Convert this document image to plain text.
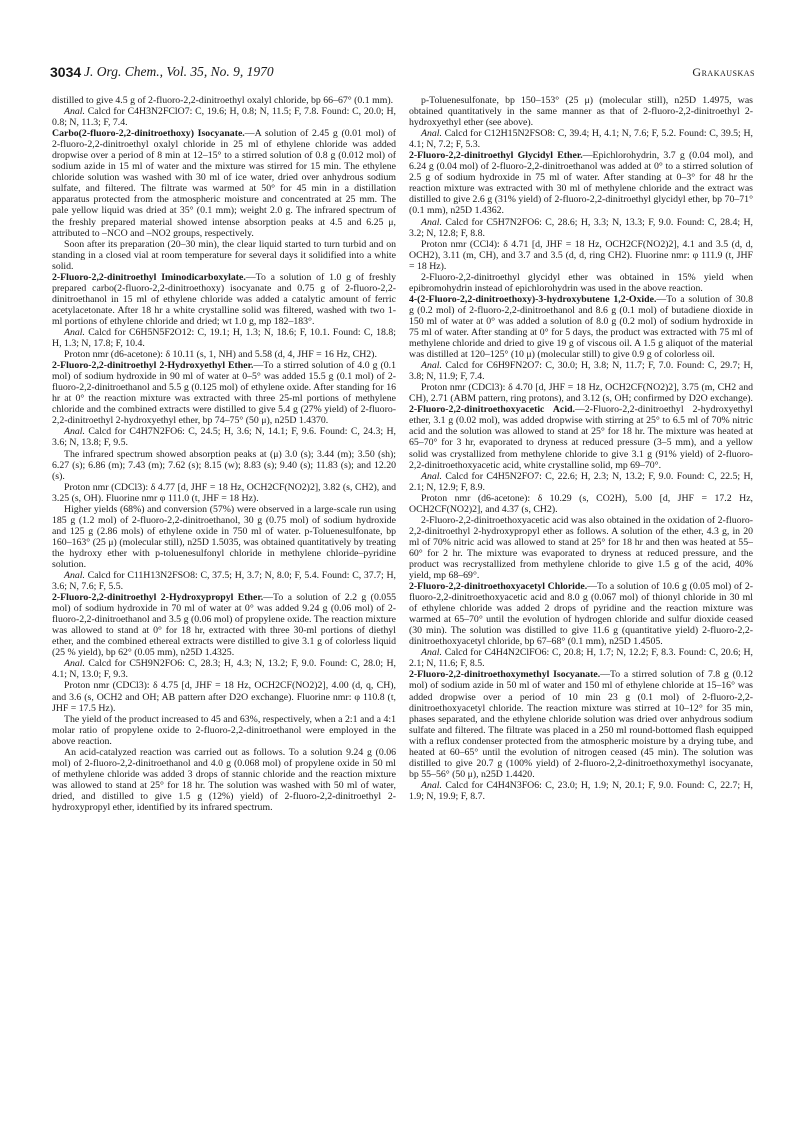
3034 J. Org. Chem., Vol. 35, No. 9, 1970	Grakauskas

distilled to give 4.5 g of 2-fluoro-2,2-dinitroethyl oxalyl chloride, bp 66–67° (0.1 mm).

Anal. Calcd for C4H3N2FClO7: C, 19.6; H, 0.8; N, 11.5; F, 7.8. Found: C, 20.0; H, 0.8; N, 11.3; F, 7.4.

Carbo(2-fluoro-2,2-dinitroethoxy) Isocyanate.—A solution of 2.45 g (0.01 mol) of 2-fluoro-2,2-dinitroethyl oxalyl chloride in 25 ml of ethylene chloride was added dropwise over a period of 8 min at 12–15° to a stirred solution of 0.8 g (0.012 mol) of sodium azide in 15 ml of water and the mixture was stirred for 15 min. The ethylene chloride solution was washed with 30 ml of ice water, dried over anhydrous sodium sulfate, and filtered. The filtrate was warmed at 50° for 45 min in a distillation apparatus protected from the atmospheric moisture and concentrated at 25 mm. The pale yellow liquid was dried at 35° (0.1 mm); weight 2.0 g. The infrared spectrum of the freshly prepared material showed intense absorption peaks at 4.5 and 6.25 μ, attributed to –NCO and –NO2 groups, respectively.

Soon after its preparation (20–30 min), the clear liquid started to turn turbid and on standing in a closed vial at room temperature for several days it solidified into a white solid.

2-Fluoro-2,2-dinitroethyl Iminodicarboxylate.—To a solution of 1.0 g of freshly prepared carbo(2-fluoro-2,2-dinitroethoxy) isocyanate and 0.75 g of 2-fluoro-2,2-dinitroethanol in 15 ml of ethylene chloride was added a catalytic amount of ferric acetylacetonate. After 18 hr a white crystalline solid was filtered, washed with two 1-ml portions of ethylene chloride and dried; wt 1.0 g, mp 182–183°.

Anal. Calcd for C6H5N5F2O12: C, 19.1; H, 1.3; N, 18.6; F, 10.1. Found: C, 18.8; H, 1.3; N, 17.8; F, 10.4.

Proton nmr (d6-acetone): δ 10.11 (s, 1, NH) and 5.58 (d, 4, JHF = 16 Hz, CH2).

2-Fluoro-2,2-dinitroethyl 2-Hydroxyethyl Ether.—To a stirred solution of 4.0 g (0.1 mol) of sodium hydroxide in 90 ml of water at 0–5° was added 15.5 g (0.1 mol) of 2-fluoro-2,2-dinitroethanol and 5.5 g (0.125 mol) of ethylene oxide. After standing for 16 hr at 0° the reaction mixture was extracted with three 25-ml portions of methylene chloride and the combined extracts were distilled to give 5.4 g (27% yield) of 2-fluoro-2,2-dinitroethyl 2-hydroxyethyl ether, bp 74–75° (50 μ), n25D 1.4370.

Anal. Calcd for C4H7N2FO6: C, 24.5; H, 3.6; N, 14.1; F, 9.6. Found: C, 24.3; H, 3.6; N, 13.8; F, 9.5.

The infrared spectrum showed absorption peaks at (μ) 3.0 (s); 3.44 (m); 3.50 (sh); 6.27 (s); 6.86 (m); 7.43 (m); 7.62 (s); 8.15 (w); 8.83 (s); 9.40 (s); 11.83 (s); and 12.20 (s).

Proton nmr (CDCl3): δ 4.77 [d, JHF = 18 Hz, OCH2CF(NO2)2], 3.82 (s, CH2), and 3.25 (s, OH). Fluorine nmr φ 111.0 (t, JHF = 18 Hz).

Higher yields (68%) and conversion (57%) were observed in a large-scale run using 185 g (1.2 mol) of 2-fluoro-2,2-dinitroethanol, 30 g (0.75 mol) of sodium hydroxide and 125 g (2.86 mols) of ethylene oxide in 750 ml of water. p-Toluenesulfonate, bp 160–163° (25 μ) (molecular still), n25D 1.5035, was obtained quantitatively by treating the hydroxy ether with p-toluenesulfonyl chloride in methylene chloride–pyridine solution.

Anal. Calcd for C11H13N2FSO8: C, 37.5; H, 3.7; N, 8.0; F, 5.4. Found: C, 37.7; H, 3.6; N, 7.6; F, 5.5.

2-Fluoro-2,2-dinitroethyl 2-Hydroxypropyl Ether.—To a solution of 2.2 g (0.055 mol) of sodium hydroxide in 70 ml of water at 0° was added 9.24 g (0.06 mol) of 2-fluoro-2,2-dinitroethanol and 3.5 g (0.06 mol) of propylene oxide. The reaction mixture was allowed to stand at 0° for 18 hr, extracted with three 30-ml portions of diethyl ether, and the combined ethereal extracts were distilled to give 3.1 g of colorless liquid (25 % yield), bp 62° (0.05 mm), n25D 1.4325.

Anal. Calcd for C5H9N2FO6: C, 28.3; H, 4.3; N, 13.2; F, 9.0. Found: C, 28.0; H, 4.1; N, 13.0; F, 9.3.

Proton nmr (CDCl3): δ 4.75 [d, JHF = 18 Hz, OCH2CF(NO2)2], 4.00 (d, q, CH), and 3.6 (s, OCH2 and OH; AB pattern after D2O exchange). Fluorine nmr: φ 110.8 (t, JHF = 17.5 Hz).

The yield of the product increased to 45 and 63%, respectively, when a 2:1 and a 4:1 molar ratio of propylene oxide to 2-fluoro-2,2-dinitroethanol were employed in the above reaction.

An acid-catalyzed reaction was carried out as follows. To a solution 9.24 g (0.06 mol) of 2-fluoro-2,2-dinitroethanol and 4.0 g (0.068 mol) of propylene oxide in 50 ml of methylene chloride was added 3 drops of stannic chloride and the reaction mixture was allowed to stand at 25° for 18 hr. The solution was washed with 50 ml of water, dried, and distilled to give 1.5 g (12%) yield) of 2-fluoro-2,2-dinitroethyl 2-hydroxypropyl ether, identified by its infrared spectrum.

p-Toluenesulfonate, bp 150–153° (25 μ) (molecular still), n25D 1.4975, was obtained quantitatively in the same manner as that of 2-fluoro-2,2-dinitroethyl 2-hydroxyethyl ether (see above).

Anal. Calcd for C12H15N2FSO8: C, 39.4; H, 4.1; N, 7.6; F, 5.2. Found: C, 39.5; H, 4.1; N, 7.2; F, 5.3.

2-Fluoro-2,2-dinitroethyl Glycidyl Ether.—Epichlorohydrin, 3.7 g (0.04 mol), and 6.24 g (0.04 mol) of 2-fluoro-2,2-dinitroethanol was added at 0° to a stirred solution of 2.5 g of sodium hydroxide in 75 ml of water. After standing at 0–3° for 48 hr the reaction mixture was extracted with 30 ml of methylene chloride and the extract was distilled to give 2.6 g (31% yield) of 2-fluoro-2,2-dinitroethyl glycidyl ether, bp 70–71° (0.1 mm), n25D 1.4362.

Anal. Calcd for C5H7N2FO6: C, 28.6; H, 3.3; N, 13.3; F, 9.0. Found: C, 28.4; H, 3.2; N, 12.8; F, 8.8.

Proton nmr (CCl4): δ 4.71 [d, JHF = 18 Hz, OCH2CF(NO2)2], 4.1 and 3.5 (d, d, OCH2), 3.11 (m, CH), and 3.7 and 3.5 (d, d, ring CH2). Fluorine nmr: φ 111.9 (t, JHF = 18 Hz).

2-Fluoro-2,2-dinitroethyl glycidyl ether was obtained in 15% yield when epibromohydrin instead of epichlorohydrin was used in the above reaction.

4-(2-Fluoro-2,2-dinitroethoxy)-3-hydroxybutene 1,2-Oxide.—To a solution of 30.8 g (0.2 mol) of 2-fluoro-2,2-dinitroethanol and 8.6 g (0.1 mol) of butadiene dioxide in 150 ml of water at 0° was added a solution of 8.0 g (0.2 mol) of sodium hydroxide in 75 ml of water. After standing at 0° for 5 days, the product was extracted with 75 ml of methylene chloride and dried to give 19 g of viscous oil. A 1.5 g aliquot of the material was distilled at 120–125° (10 μ) (molecular still) to give 0.9 g of colorless oil.

Anal. Calcd for C6H9FN2O7: C, 30.0; H, 3.8; N, 11.7; F, 7.0. Found: C, 29.7; H, 3.8; N, 11.9; F, 7.4.

Proton nmr (CDCl3): δ 4.70 [d, JHF = 18 Hz, OCH2CF(NO2)2], 3.75 (m, CH2 and CH), 2.71 (ABM pattern, ring protons), and 3.12 (s, OH; confirmed by D2O exchange).

2-Fluoro-2,2-dinitroethoxyacetic Acid.—2-Fluoro-2,2-dinitroethyl 2-hydroxyethyl ether, 3.1 g (0.02 mol), was added dropwise with stirring at 25° to 6.5 ml of 70% nitric acid and the solution was allowed to stand at 25° for 18 hr. The mixture was heated at 65–70° for 3 hr, evaporated to dryness at reduced pressure (3–5 mm), and a yellow solid was crystallized from methylene chloride to give 3.1 g (91% yield) of 2-fluoro-2,2-dinitroethoxyacetic acid, white crystalline solid, mp 69–70°.

Anal. Calcd for C4H5N2FO7: C, 22.6; H, 2.3; N, 13.2; F, 9.0. Found: C, 22.5; H, 2.1; N, 12.9; F, 8.9.

Proton nmr (d6-acetone): δ 10.29 (s, CO2H), 5.00 [d, JHF = 17.2 Hz, OCH2CF(NO2)2], and 4.37 (s, CH2).

2-Fluoro-2,2-dinitroethoxyacetic acid was also obtained in the oxidation of 2-fluoro-2,2-dinitroethyl 2-hydroxypropyl ether as follows. A solution of the ether, 4.3 g, in 20 ml of 70% nitric acid was allowed to stand at 25° for 18 hr and then was heated at 55–60° for 2 hr. The mixture was evaporated to dryness at reduced pressure, and the product was recrystallized from methylene chloride to give 1.5 g of the acid, 40% yield, mp 68–69°.

2-Fluoro-2,2-dinitroethoxyacetyl Chloride.—To a solution of 10.6 g (0.05 mol) of 2-fluoro-2,2-dinitroethoxyacetic acid and 8.0 g (0.067 mol) of thionyl chloride in 30 ml of ethylene chloride was added 2 drops of pyridine and the reaction mixture was warmed at 65–70° until the evolution of hydrogen chloride and sulfur dioxide ceased (30 min). The solution was distilled to give 11.6 g (quantitative yield) 2-fluoro-2,2-dinitroethoxyacetyl chloride, bp 67–68° (0.1 mm), n25D 1.4505.

Anal. Calcd for C4H4N2ClFO6: C, 20.8; H, 1.7; N, 12.2; F, 8.3. Found: C, 20.6; H, 2.1; N, 11.6; F, 8.5.

2-Fluoro-2,2-dinitroethoxymethyl Isocyanate.—To a stirred solution of 7.8 g (0.12 mol) of sodium azide in 50 ml of water and 150 ml of ethylene chloride at 15–16° was added dropwise over a period of 10 min 23 g (0.1 mol) of 2-fluoro-2,2-dinitroethoxyacetyl chloride. The reaction mixture was stirred at 10–12° for 35 min, phases separated, and the ethylene chloride solution was dried over anhydrous sodium sulfate and filtered. The filtrate was placed in a 250 ml round-bottomed flash equipped with a reflux condenser protected from the atmospheric moisture by a drying tube, and heated at 60–65° until the evolution of nitrogen ceased (45 min). The solution was distilled to give 20.7 g (100% yield) of 2-fluoro-2,2-dinitroethoxymethyl isocyanate, bp 55–56° (50 μ), n25D 1.4420.

Anal. Calcd for C4H4N3FO6: C, 23.0; H, 1.9; N, 20.1; F, 9.0. Found: C, 22.7; H, 1.9; N, 19.9; F, 8.7.
